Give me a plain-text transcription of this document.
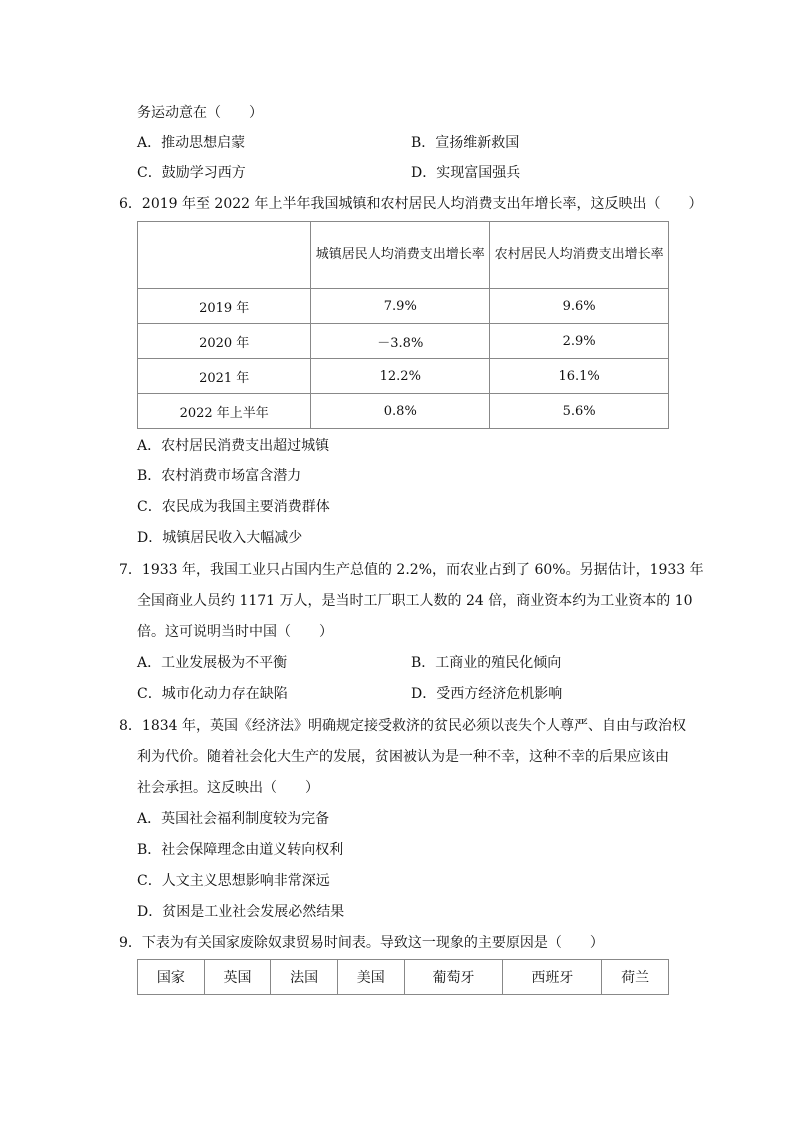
务运动意在（　　）
A．推动思想启蒙	B．宣扬维新救国
C．鼓励学习西方	D．实现富国强兵
6．2019 年至 2022 年上半年我国城镇和农村居民人均消费支出年增长率，这反映出（　　）

	城镇居民人均消费支出增长率	农村居民人均消费支出增长率

2019 年	7.9%	9.6%
2020 年	－3.8%	2.9%
2021 年	12.2%	16.1%
2022 年上半年	0.8%	5.6%
A．农村居民消费支出超过城镇
B．农村消费市场富含潜力
C．农民成为我国主要消费群体
D．城镇居民收入大幅减少
7．1933 年，我国工业只占国内生产总值的 2.2%，而农业占到了 60%。另据估计，1933 年
全国商业人员约 1171 万人，是当时工厂职工人数的 24 倍，商业资本约为工业资本的 10
倍。这可说明当时中国（　　）
A．工业发展极为不平衡	B．工商业的殖民化倾向
C．城市化动力存在缺陷	D．受西方经济危机影响
8．1834 年，英国《经济法》明确规定接受救济的贫民必须以丧失个人尊严、自由与政治权
利为代价。随着社会化大生产的发展，贫困被认为是一种不幸，这种不幸的后果应该由
社会承担。这反映出（　　）
A．英国社会福利制度较为完备
B．社会保障理念由道义转向权利
C．人文主义思想影响非常深远
D．贫困是工业社会发展必然结果
9．下表为有关国家废除奴隶贸易时间表。导致这一现象的主要原因是（　　）
国家	英国	法国	美国	葡萄牙	西班牙	荷兰
